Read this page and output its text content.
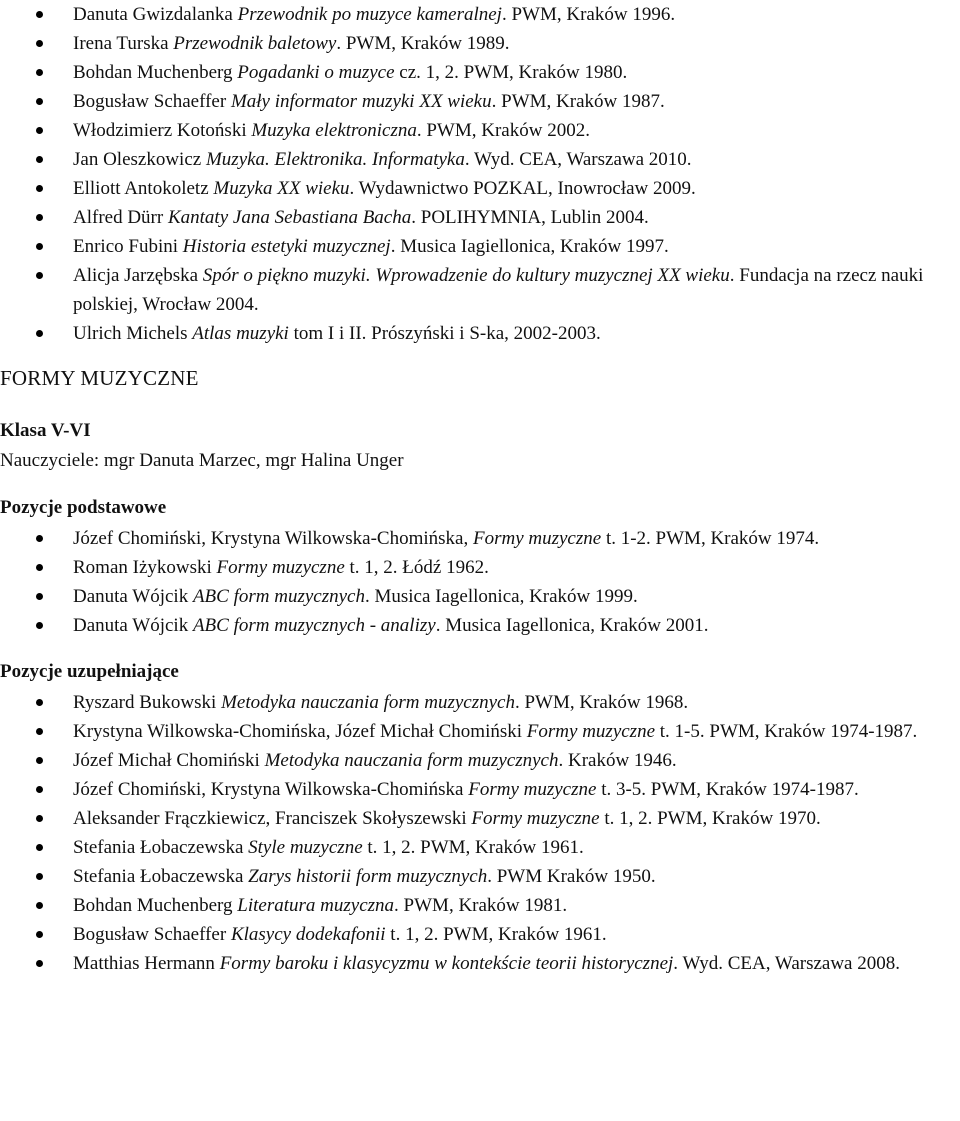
Danuta Gwizdalanka Przewodnik po muzyce kameralnej. PWM, Kraków 1996.
Irena Turska Przewodnik baletowy. PWM, Kraków 1989.
Bohdan Muchenberg Pogadanki o muzyce cz. 1, 2. PWM, Kraków 1980.
Bogusław Schaeffer Mały informator muzyki XX wieku. PWM, Kraków 1987.
Włodzimierz Kotoński Muzyka elektroniczna. PWM, Kraków 2002.
Jan Oleszkowicz Muzyka. Elektronika. Informatyka. Wyd. CEA, Warszawa 2010.
Elliott Antokoletz Muzyka XX wieku. Wydawnictwo POZKAL, Inowrocław 2009.
Alfred Dürr Kantaty Jana Sebastiana Bacha. POLIHYMNIA, Lublin 2004.
Enrico Fubini Historia estetyki muzycznej. Musica Iagiellonica, Kraków 1997.
Alicja Jarzębska Spór o piękno muzyki. Wprowadzenie do kultury muzycznej XX wieku. Fundacja na rzecz nauki polskiej, Wrocław 2004.
Ulrich Michels Atlas muzyki tom I i II. Prószyński i S-ka, 2002-2003.
FORMY MUZYCZNE
Klasa V-VI

Nauczyciele: mgr Danuta Marzec, mgr Halina Unger

Pozycje podstawowe
Józef Chomiński, Krystyna Wilkowska-Chomińska, Formy muzyczne t. 1-2. PWM, Kraków 1974.
Roman Iżykowski Formy muzyczne t. 1, 2. Łódź 1962.
Danuta Wójcik ABC form muzycznych. Musica Iagellonica, Kraków 1999.
Danuta Wójcik ABC form muzycznych - analizy. Musica Iagellonica, Kraków 2001.
Pozycje uzupełniające
Ryszard Bukowski Metodyka nauczania form muzycznych. PWM, Kraków 1968.
Krystyna Wilkowska-Chomińska, Józef Michał Chomiński Formy muzyczne t. 1-5. PWM, Kraków 1974-1987.
Józef Michał Chomiński Metodyka nauczania form muzycznych. Kraków 1946.
Józef Chomiński, Krystyna Wilkowska-Chomińska Formy muzyczne t. 3-5. PWM, Kraków 1974-1987.
Aleksander Frączkiewicz, Franciszek Skołyszewski Formy muzyczne t. 1, 2. PWM, Kraków 1970.
Stefania Łobaczewska Style muzyczne t. 1, 2. PWM, Kraków 1961.
Stefania Łobaczewska Zarys historii form muzycznych. PWM Kraków 1950.
Bohdan Muchenberg Literatura muzyczna. PWM, Kraków 1981.
Bogusław Schaeffer Klasycy dodekafonii t. 1, 2. PWM, Kraków 1961.
Matthias Hermann Formy baroku i klasycyzmu w kontekście teorii historycznej. Wyd. CEA, Warszawa 2008.
